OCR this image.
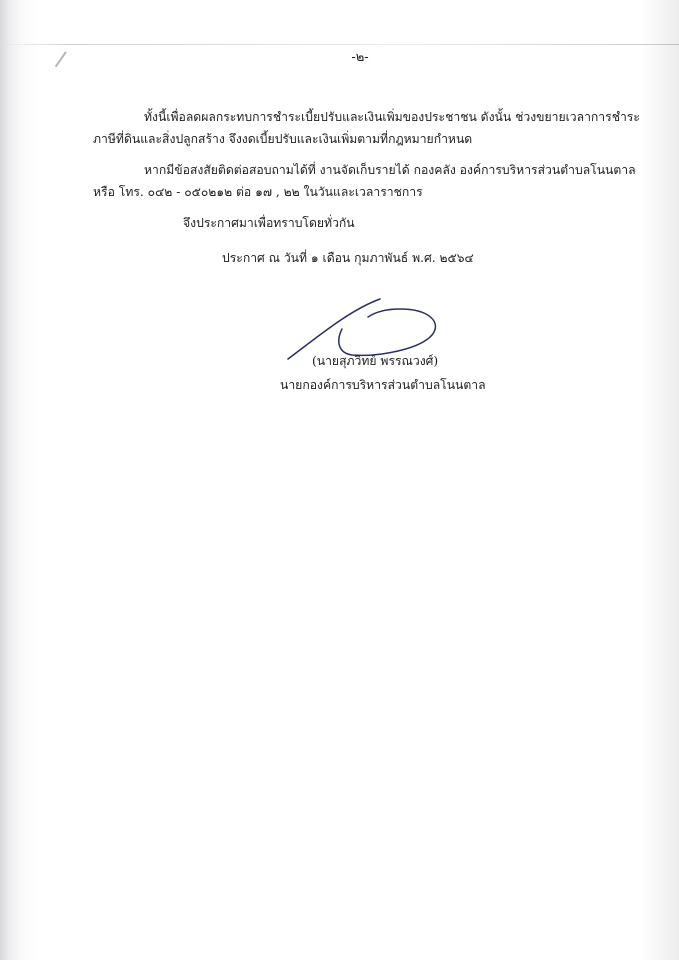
-๒-
ทั้งนี้เพื่อลดผลกระทบการชำระเบี้ยปรับและเงินเพิ่มของประชาชน ดังนั้น ช่วงขยายเวลาการชำระ
ภาษีที่ดินและสิ่งปลูกสร้าง จึงงดเบี้ยปรับและเงินเพิ่มตามที่กฎหมายกำหนด
หากมีข้อสงสัยติดต่อสอบถามได้ที่ งานจัดเก็บรายได้ กองคลัง องค์การบริหารส่วนตำบลโนนตาล
หรือ โทร. ๐๔๒ - ๐๕๐๒๑๒ ต่อ ๑๗ , ๒๒ ในวันและเวลาราชการ
จึงประกาศมาเพื่อทราบโดยทั่วกัน
ประกาศ ณ วันที่ ๑ เดือน กุมภาพันธ์ พ.ศ. ๒๕๖๔
(นายสุภวิทย์ พรรณวงศ์)
นายกองค์การบริหารส่วนตำบลโนนตาล
